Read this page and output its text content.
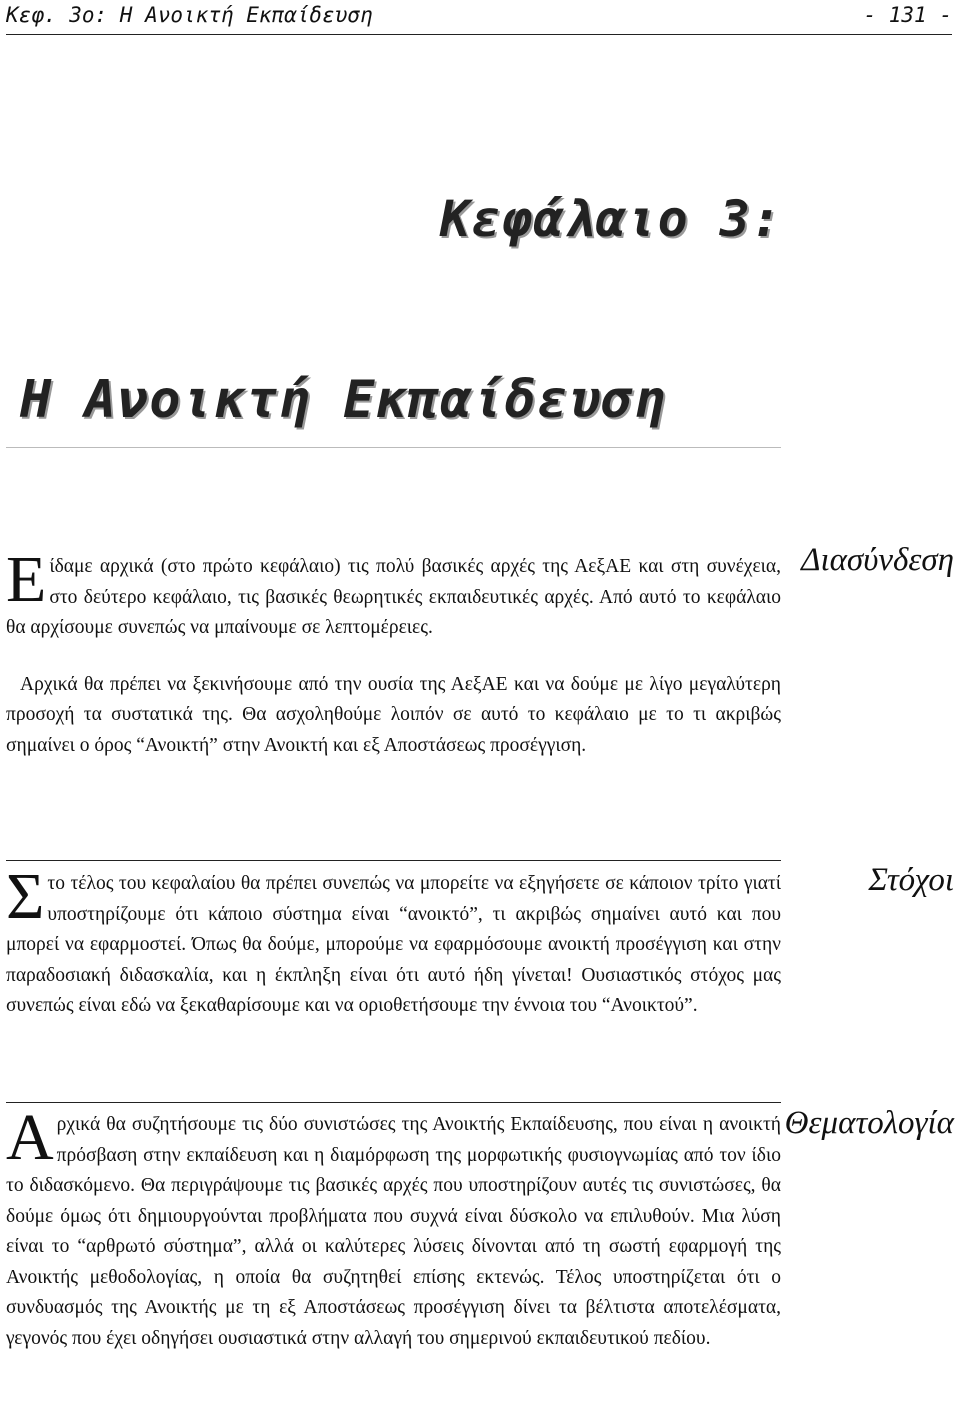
Κεφ. 3ο: Η Ανοικτή Εκπαίδευση	- 131 -
Κεφάλαιο 3:
Η Ανοικτή Εκπαίδευση
Διασύνδεση

Είδαμε αρχικά (στο πρώτο κεφάλαιο) τις πολύ βασικές αρχές της ΑεξΑΕ και στη συνέχεια, στο δεύτερο κεφάλαιο, τις βασικές θεωρητικές εκπαιδευτικές αρχές. Από αυτό το κεφάλαιο θα αρχίσουμε συνεπώς να μπαίνουμε σε λεπτομέρειες.

Αρχικά θα πρέπει να ξεκινήσουμε από την ουσία της ΑεξΑΕ και να δούμε με λίγο μεγαλύτερη προσοχή τα συστατικά της. Θα ασχοληθούμε λοιπόν σε αυτό το κεφάλαιο με το τι ακριβώς σημαίνει ο όρος “Ανοικτή” στην Ανοικτή και εξ Αποστάσεως προσέγγιση.

Στόχοι

Στο τέλος του κεφαλαίου θα πρέπει συνεπώς να μπορείτε να εξηγήσετε σε κάποιον τρίτο γιατί υποστηρίζουμε ότι κάποιο σύστημα είναι “ανοικτό”, τι ακριβώς σημαίνει αυτό και που μπορεί να εφαρμοστεί. Όπως θα δούμε, μπορούμε να εφαρμόσουμε ανοικτή προσέγγιση και στην παραδοσιακή διδασκαλία, και η έκπληξη είναι ότι αυτό ήδη γίνεται! Ουσιαστικός στόχος μας συνεπώς είναι εδώ να ξεκαθαρίσουμε και να οριοθετήσουμε την έννοια του “Ανοικτού”.

Θεματολογία

Αρχικά θα συζητήσουμε τις δύο συνιστώσες της Ανοικτής Εκπαίδευσης, που είναι η ανοικτή πρόσβαση στην εκπαίδευση και η διαμόρφωση της μορφωτικής φυσιογνωμίας από τον ίδιο το διδασκόμενο. Θα περιγράψουμε τις βασικές αρχές που υποστηρίζουν αυτές τις συνιστώσες, θα δούμε όμως ότι δημιουργούνται προβλήματα που συχνά είναι δύσκολο να επιλυθούν. Μια λύση είναι το “αρθρωτό σύστημα”, αλλά οι καλύτερες λύσεις δίνονται από τη σωστή εφαρμογή της Ανοικτής μεθοδολογίας, η οποία θα συζητηθεί επίσης εκτενώς. Τέλος υποστηρίζεται ότι ο συνδυασμός της Ανοικτής με τη εξ Αποστάσεως προσέγγιση δίνει τα βέλτιστα αποτελέσματα, γεγονός που έχει οδηγήσει ουσιαστικά στην αλλαγή του σημερινού εκπαιδευτικού πεδίου.
